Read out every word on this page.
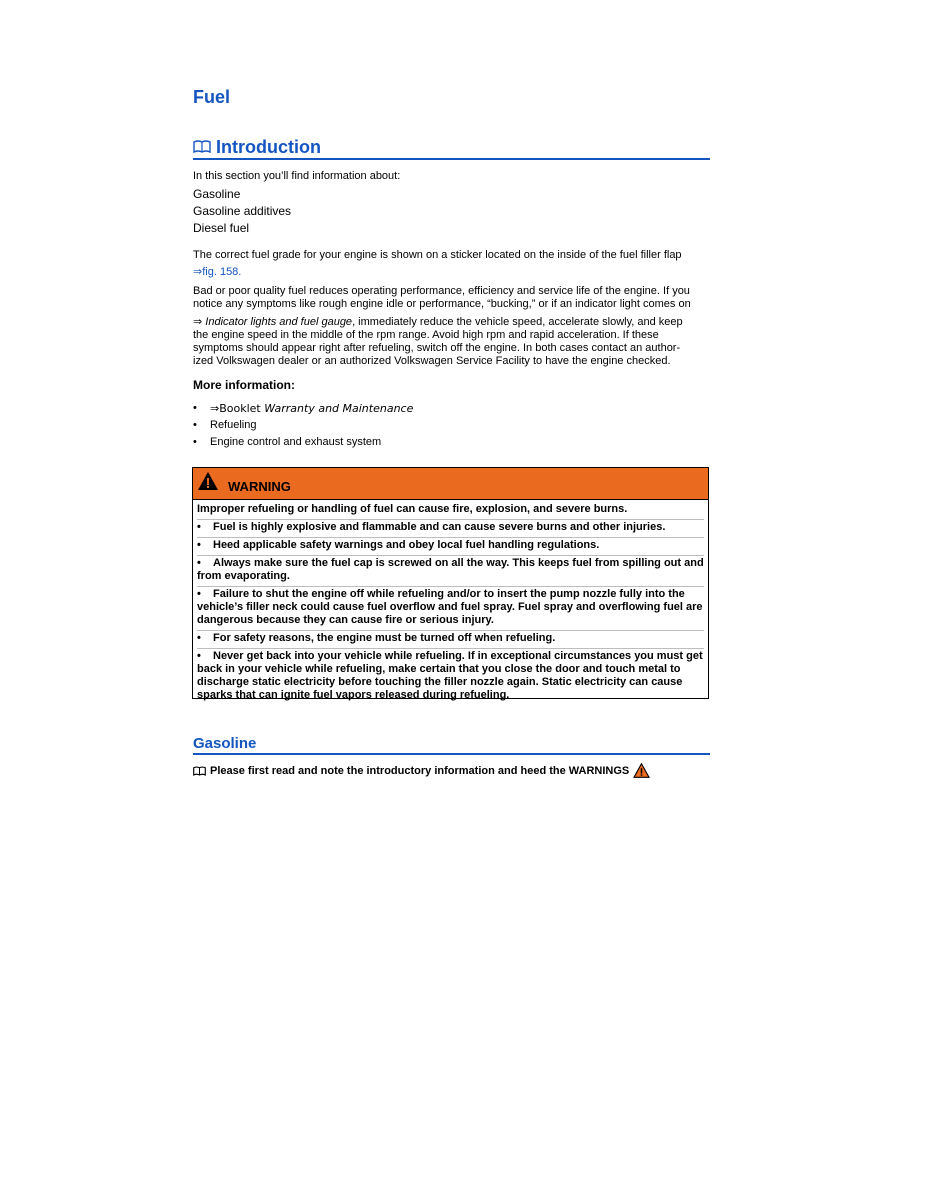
Fuel
Introduction
In this section you’ll find information about:
Gasoline
Gasoline additives
Diesel fuel
The correct fuel grade for your engine is shown on a sticker located on the inside of the fuel filler flap
⇒fig. 158.
Bad or poor quality fuel reduces operating performance, efficiency and service life of the engine. If you
notice any symptoms like rough engine idle or performance, “bucking,” or if an indicator light comes on
⇒ Indicator lights and fuel gauge, immediately reduce the vehicle speed, accelerate slowly, and keep
the engine speed in the middle of the rpm range. Avoid high rpm and rapid acceleration. If these
symptoms should appear right after refueling, switch off the engine. In both cases contact an author-
ized Volkswagen dealer or an authorized Volkswagen Service Facility to have the engine checked.
More information:
• ⇒Booklet Warranty and Maintenance
• Refueling
• Engine control and exhaust system
WARNING
Improper refueling or handling of fuel can cause fire, explosion, and severe burns.
• Fuel is highly explosive and flammable and can cause severe burns and other injuries.
• Heed applicable safety warnings and obey local fuel handling regulations.
• Always make sure the fuel cap is screwed on all the way. This keeps fuel from spilling out and from evaporating.
• Failure to shut the engine off while refueling and/or to insert the pump nozzle fully into the vehicle’s filler neck could cause fuel overflow and fuel spray. Fuel spray and overflowing fuel are dangerous because they can cause fire or serious injury.
• For safety reasons, the engine must be turned off when refueling.
• Never get back into your vehicle while refueling. If in exceptional circumstances you must get back in your vehicle while refueling, make certain that you close the door and touch metal to discharge static electricity before touching the filler nozzle again. Static electricity can cause sparks that can ignite fuel vapors released during refueling.
Gasoline
Please first read and note the introductory information and heed the WARNINGS
